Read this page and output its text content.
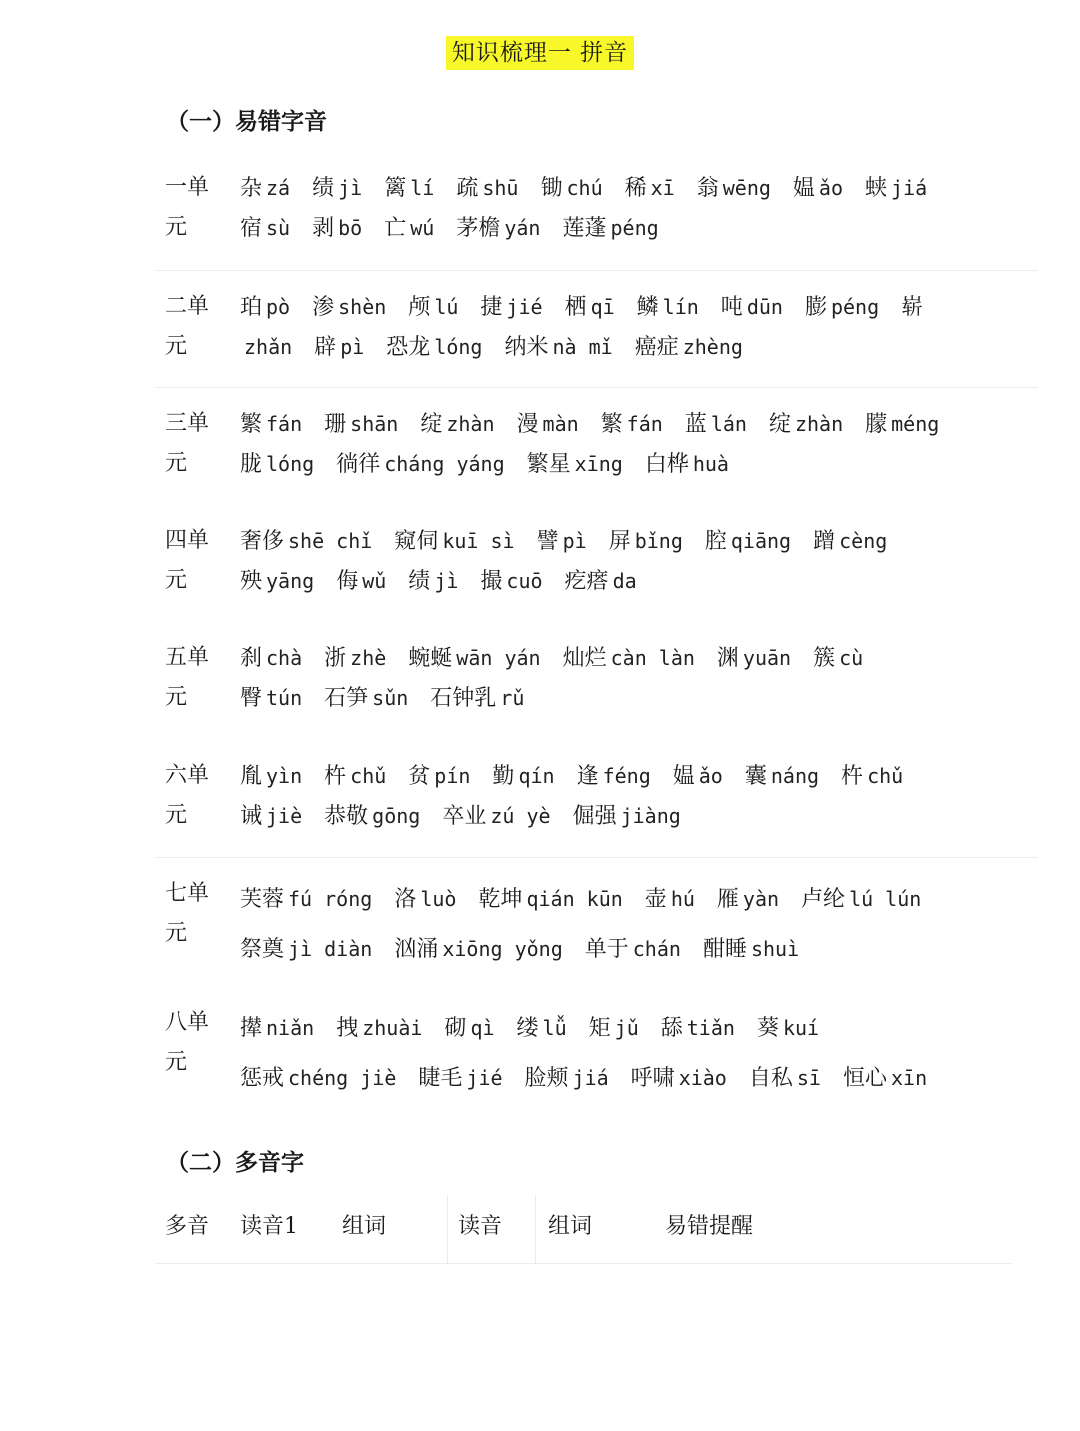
知识梳理一 拼音
（一）易错字音
一单元
杂 zá 绩 jì 篱 lí 疏 shū 锄 chú 稀 xī 翁 wēng 媪 ǎo 蛱 jiá
宿 sù 剥 bō 亡 wú 茅檐 yán 莲蓬 péng
二单元
珀 pò 渗 shèn 颅 lú 捷 jié 栖 qī 鳞 lín 吨 dūn 膨 péng 崭
zhǎn 辟 pì 恐龙 lóng 纳米 nà mǐ 癌症 zhèng
三单元
繁 fán 珊 shān 绽 zhàn 漫 màn 繁 fán 蓝 lán 绽 zhàn 朦 méng
胧 lóng 徜徉 cháng yáng 繁星 xīng 白桦 huà
四单元
奢侈 shē chǐ 窥伺 kuī sì 譬 pì 屏 bǐng 腔 qiāng 蹭 cèng
殃 yāng 侮 wǔ 绩 jì 撮 cuō 疙瘩 da
五单元
刹 chà 浙 zhè 蜿蜒 wān yán 灿烂 càn làn 渊 yuān 簇 cù
臀 tún 石笋 sǔn 石钟乳 rǔ
六单元
胤 yìn 杵 chǔ 贫 pín 勤 qín 逢 féng 媪 ǎo 囊 náng 杵 chǔ
诫 jiè 恭敬 gōng 卒业 zú yè 倔强 jiàng
七单元
芙蓉 fú róng 洛 luò 乾坤 qián kūn 壶 hú 雁 yàn 卢纶 lú lún
祭奠 jì diàn 汹涌 xiōng yǒng 单于 chán 酣睡 shuì
八单元
撵 niǎn 拽 zhuài 砌 qì 缕 lǚ 矩 jǔ 舔 tiǎn 葵 kuí
惩戒 chéng jiè 睫毛 jié 脸颊 jiá 呼啸 xiào 自私 sī 恒心 xīn
（二）多音字
多音 读音1 组词	读音 组词	易错提醒
